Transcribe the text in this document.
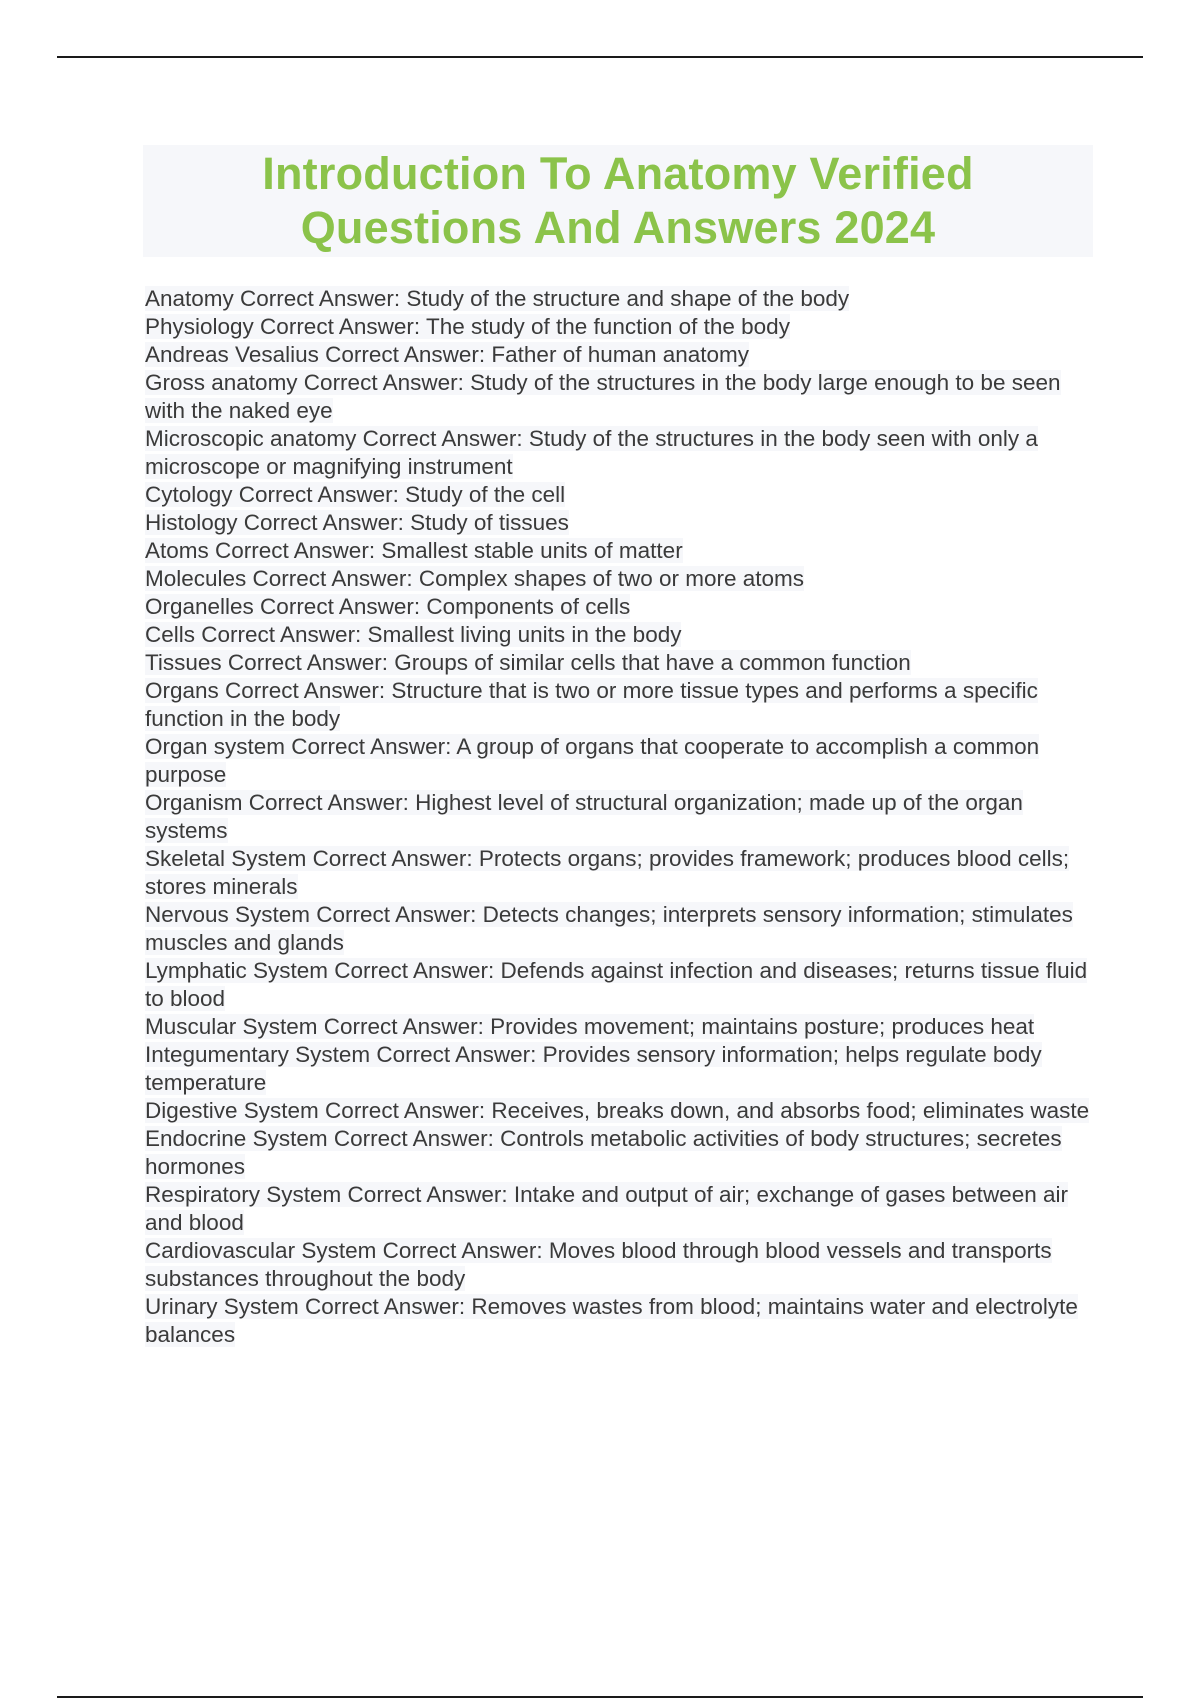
Introduction To Anatomy Verified
Questions And Answers 2024
Anatomy Correct Answer: Study of the structure and shape of the body
Physiology Correct Answer: The study of the function of the body
Andreas Vesalius Correct Answer: Father of human anatomy
Gross anatomy Correct Answer: Study of the structures in the body large enough to be seen with the naked eye
Microscopic anatomy Correct Answer: Study of the structures in the body seen with only a microscope or magnifying instrument
Cytology Correct Answer: Study of the cell
Histology Correct Answer: Study of tissues
Atoms Correct Answer: Smallest stable units of matter
Molecules Correct Answer: Complex shapes of two or more atoms
Organelles Correct Answer: Components of cells
Cells Correct Answer: Smallest living units in the body
Tissues Correct Answer: Groups of similar cells that have a common function
Organs Correct Answer: Structure that is two or more tissue types and performs a specific function in the body
Organ system Correct Answer: A group of organs that cooperate to accomplish a common purpose
Organism Correct Answer: Highest level of structural organization; made up of the organ systems
Skeletal System Correct Answer: Protects organs; provides framework; produces blood cells; stores minerals
Nervous System Correct Answer: Detects changes; interprets sensory information; stimulates muscles and glands
Lymphatic System Correct Answer: Defends against infection and diseases; returns tissue fluid to blood
Muscular System Correct Answer: Provides movement; maintains posture; produces heat
Integumentary System Correct Answer: Provides sensory information; helps regulate body temperature
Digestive System Correct Answer: Receives, breaks down, and absorbs food; eliminates waste
Endocrine System Correct Answer: Controls metabolic activities of body structures; secretes hormones
Respiratory System Correct Answer: Intake and output of air; exchange of gases between air and blood
Cardiovascular System Correct Answer: Moves blood through blood vessels and transports substances throughout the body
Urinary System Correct Answer: Removes wastes from blood; maintains water and electrolyte balances
